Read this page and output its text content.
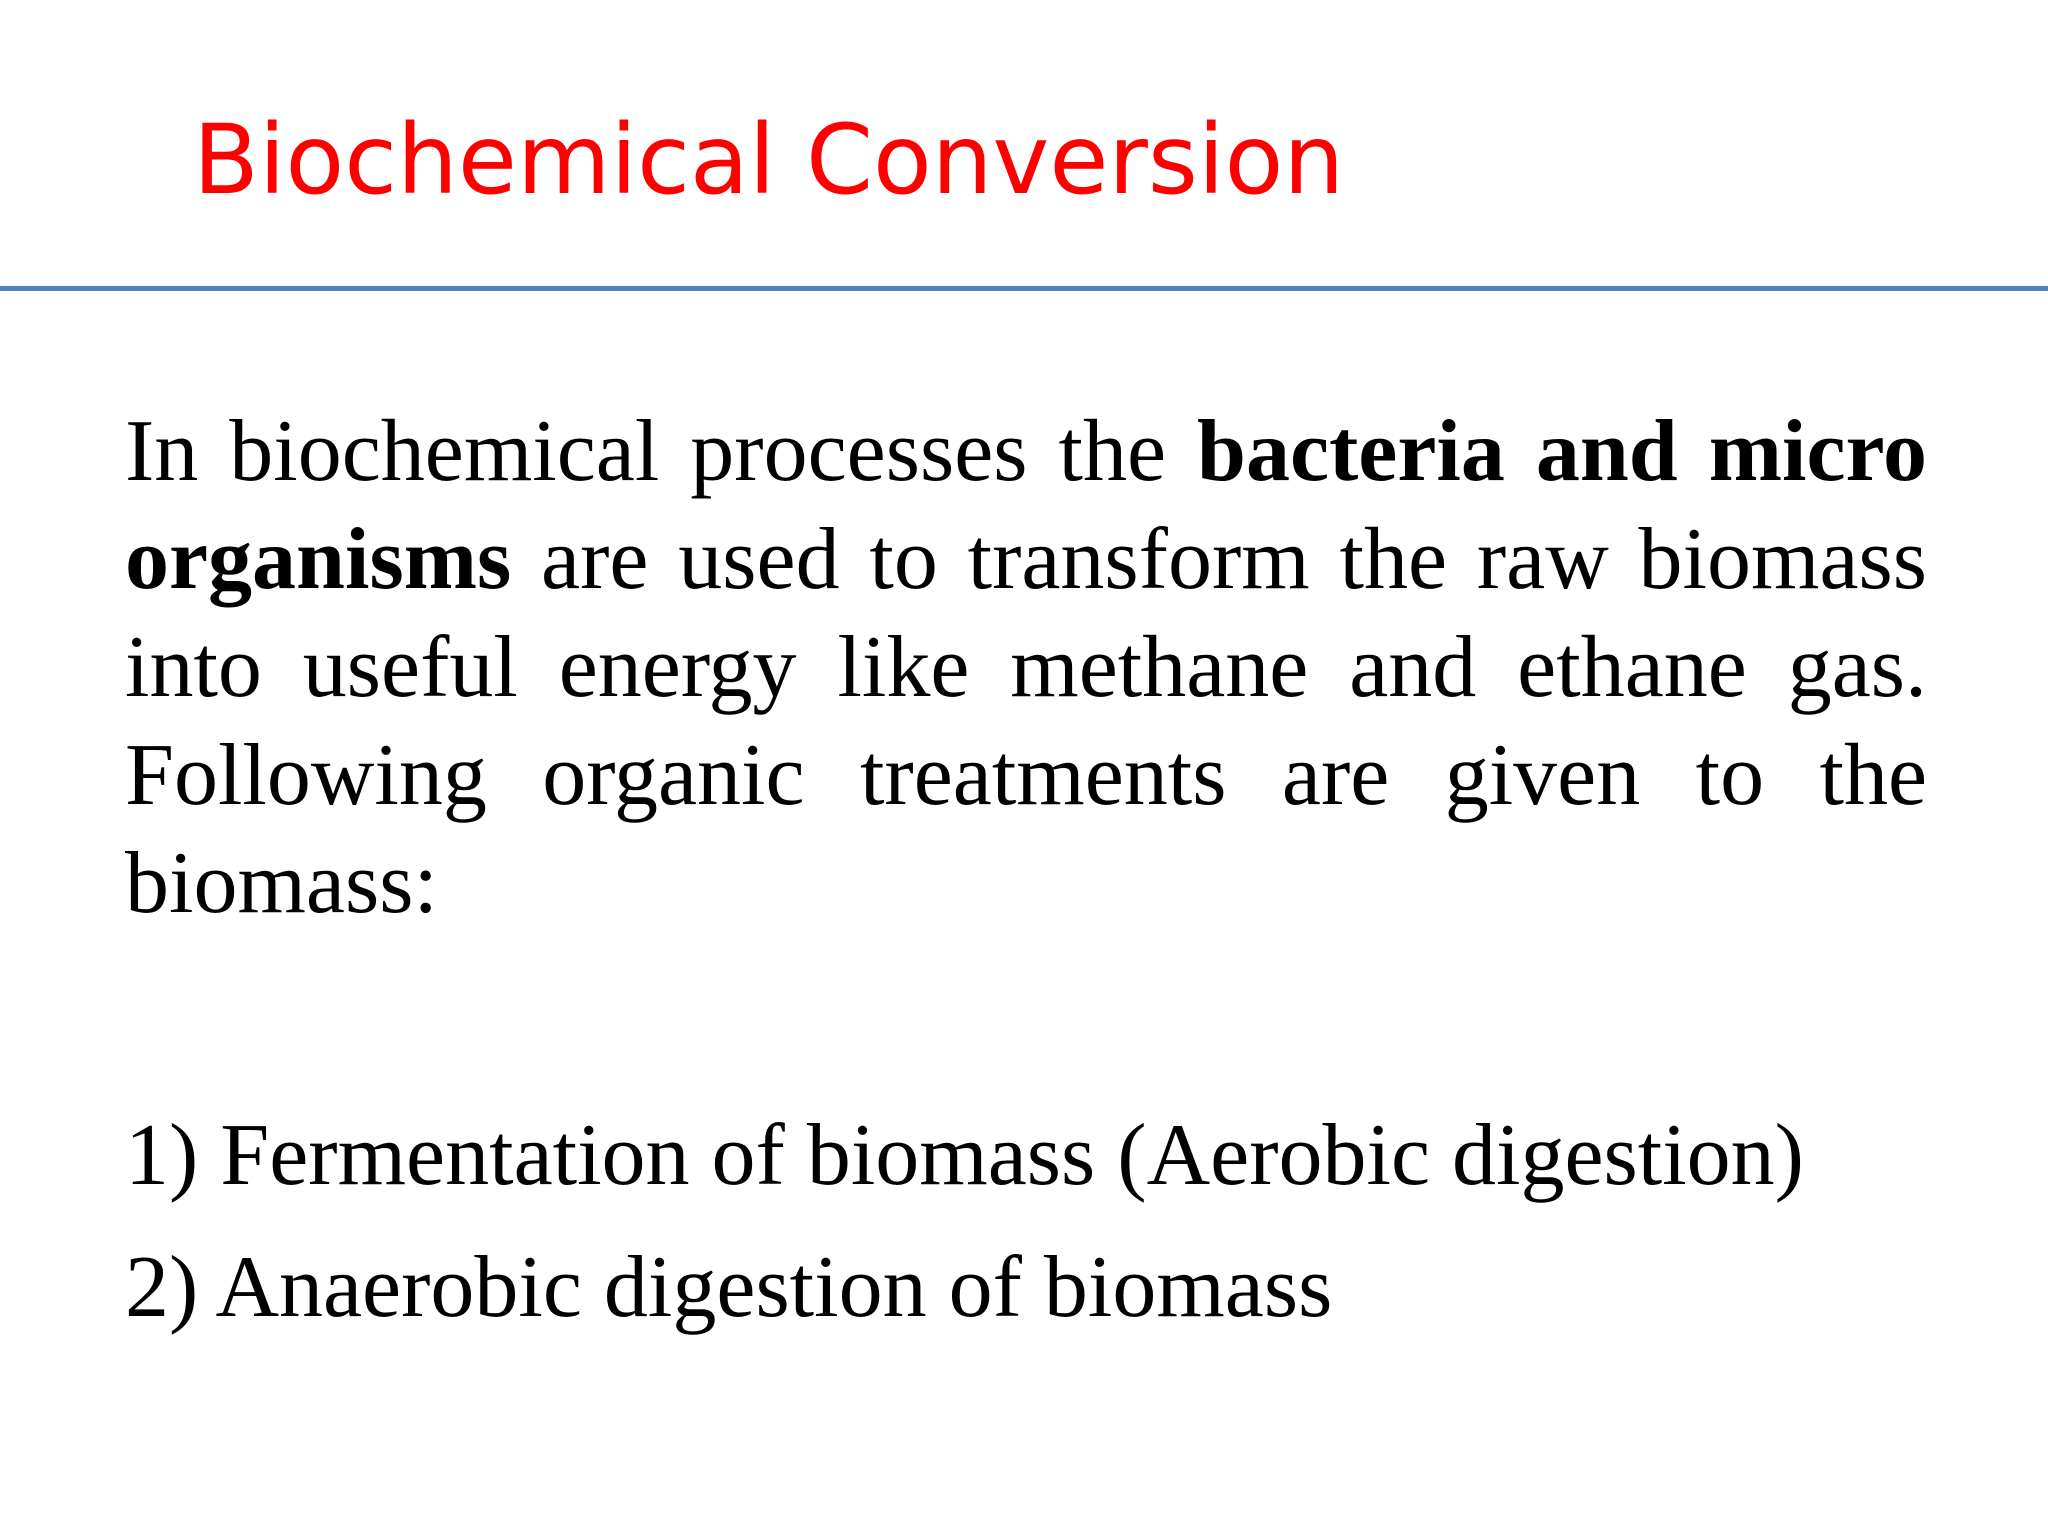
Biochemical Conversion

In biochemical processes the bacteria and micro organisms are used to transform the raw biomass into useful energy like methane and ethane gas. Following organic treatments are given to the biomass:

1) Fermentation of biomass (Aerobic digestion)
2) Anaerobic digestion of biomass
